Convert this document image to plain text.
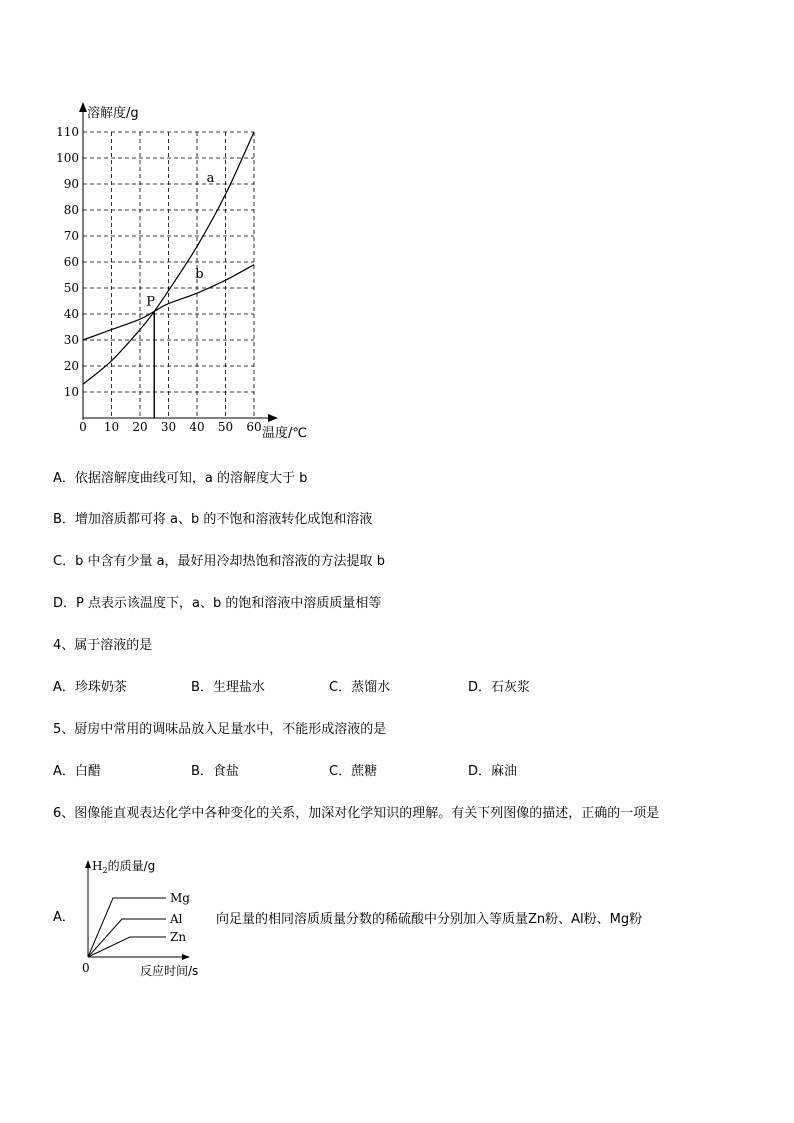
10
20
30
40
50
60
70
80
90
100
110
10 20 30 40 50 60
0
溶解度/g
温度/℃
a
b
P
A．依据溶解度曲线可知，a 的溶解度大于 b
B．增加溶质都可将 a、b 的不饱和溶液转化成饱和溶液
C．b 中含有少量 a，最好用冷却热饱和溶液的方法提取 b
D．P 点表示该温度下，a、b 的饱和溶液中溶质质量相等
4、属于溶液的是
A．珍珠奶茶	B．生理盐水	C．蒸馏水	D．石灰浆
5、厨房中常用的调味品放入足量水中，不能形成溶液的是
A．白醋	B．食盐	C．蔗糖	D．麻油
6、图像能直观表达化学中各种变化的关系，加深对化学知识的理解。有关下列图像的描述，正确的一项是
A．
$H_2$的质量/g
0	反应时间/s
Mg
Al
Zn
向足量的相同溶质质量分数的稀硫酸中分别加入等质量Zn粉、Al粉、Mg粉
